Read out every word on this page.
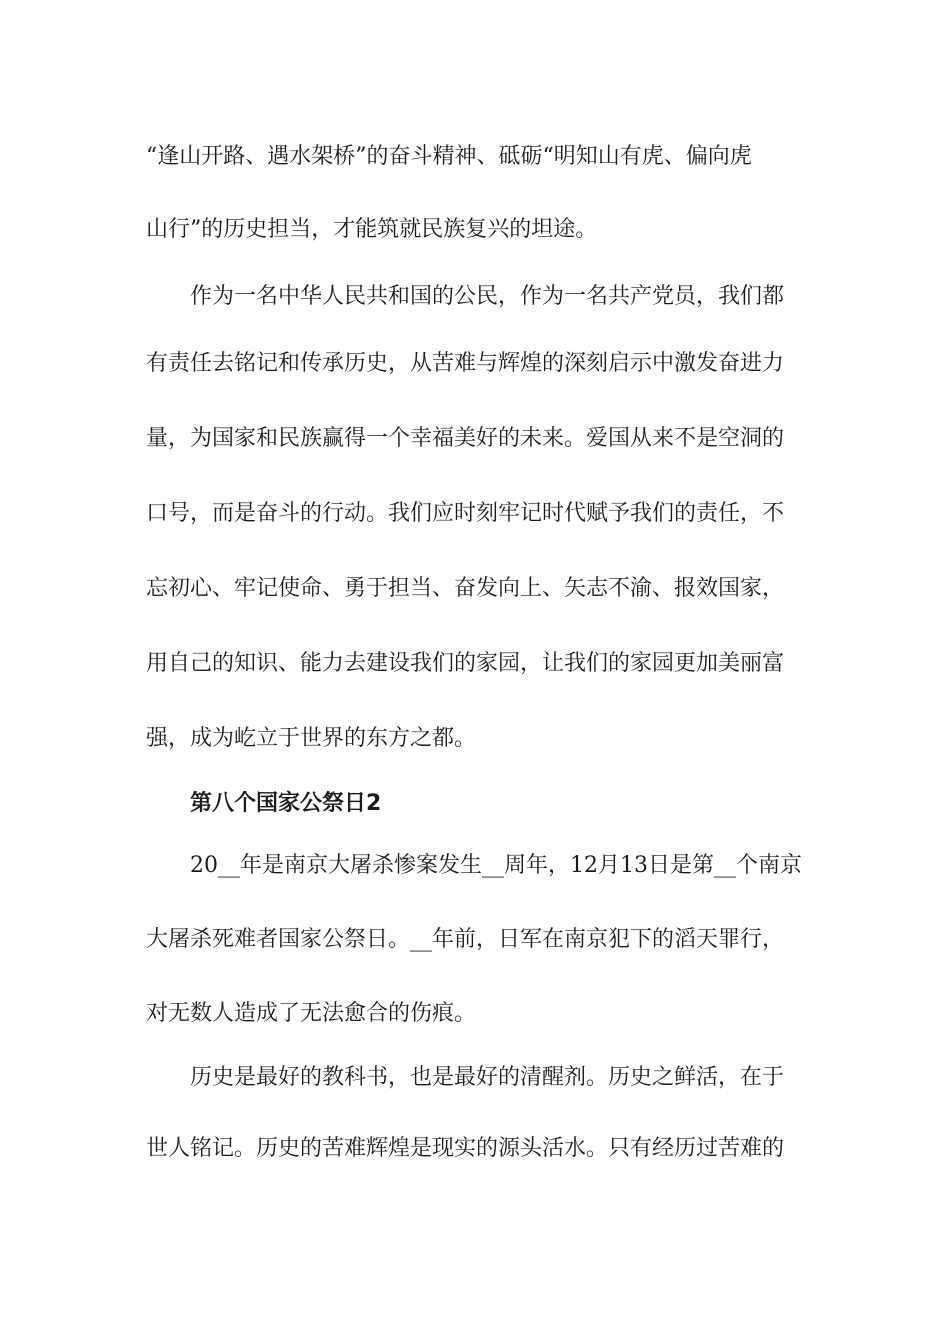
“逢山开路、遇水架桥”的奋斗精神、砥砺“明知山有虎、偏向虎
山行”的历史担当，才能筑就民族复兴的坦途。
作为一名中华人民共和国的公民，作为一名共产党员，我们都
有责任去铭记和传承历史，从苦难与辉煌的深刻启示中激发奋进力
量，为国家和民族赢得一个幸福美好的未来。爱国从来不是空洞的
口号，而是奋斗的行动。我们应时刻牢记时代赋予我们的责任，不
忘初心、牢记使命、勇于担当、奋发向上、矢志不渝、报效国家，
用自己的知识、能力去建设我们的家园，让我们的家园更加美丽富
强，成为屹立于世界的东方之都。
第八个国家公祭日2
20__年是南京大屠杀惨案发生__周年，12月13日是第__个南京
大屠杀死难者国家公祭日。__年前，日军在南京犯下的滔天罪行，
对无数人造成了无法愈合的伤痕。
历史是最好的教科书，也是最好的清醒剂。历史之鲜活，在于
世人铭记。历史的苦难辉煌是现实的源头活水。只有经历过苦难的
